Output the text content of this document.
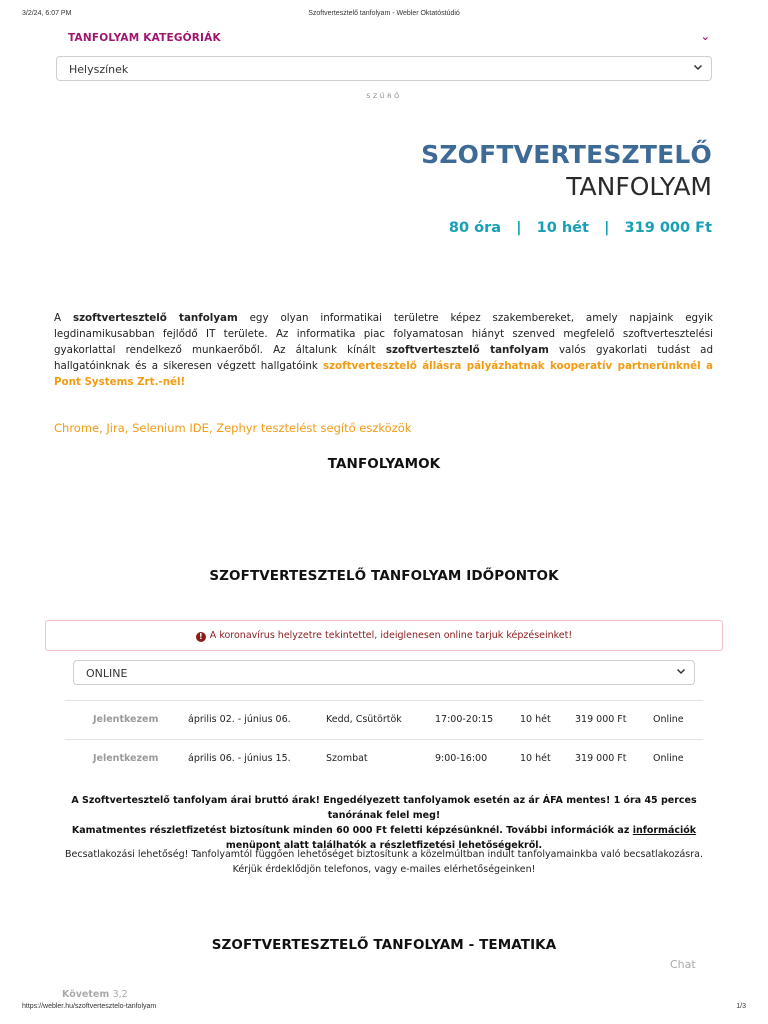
3/2/24, 6:07 PM	Szoftvertesztelő tanfolyam - Webler Oktatóstúdió
TANFOLYAM KATEGÓRIÁK	⌄
Helyszínek
SZŰRŐ
SZOFTVERTESZTELŐ
TANFOLYAM
80 óra   |   10 hét   |   319 000 Ft
A szoftvertesztelő tanfolyam egy olyan informatikai területre képez szakembereket, amely napjaink egyik legdinamikusabban fejlődő IT területe. Az informatika piac folyamatosan hiányt szenved megfelelő szoftvertesztelési gyakorlattal rendelkező munkaerőből. Az általunk kínált szoftvertesztelő tanfolyam valós gyakorlati tudást ad hallgatóinknak és a sikeresen végzett hallgatóink szoftvertesztelő állásra pályázhatnak kooperatív partnerünknél a Pont Systems Zrt.-nél!
Chrome, Jira, Selenium IDE, Zephyr tesztelést segítő eszközök
TANFOLYAMOK
SZOFTVERTESZTELŐ TANFOLYAM IDŐPONTOK
! A koronavírus helyzetre tekintettel, ideiglenesen online tarjuk képzéseinket!
ONLINE
Jelentkezem	április 02. - június 06.	Kedd, Csütörtök	17:00-20:15	10 hét	319 000 Ft	Online
Jelentkezem	április 06. - június 15.	Szombat	9:00-16:00	10 hét	319 000 Ft	Online
A Szoftvertesztelő tanfolyam árai bruttó árak! Engedélyezett tanfolyamok esetén az ár ÁFA mentes! 1 óra 45 perces tanórának felel meg!
Kamatmentes részletfizetést biztosítunk minden 60 000 Ft feletti képzésünknél. További információk az információk menüpont alatt találhatók a részletfizetési lehetőségekről.
Becsatlakozási lehetőség! Tanfolyamtól függően lehetőséget biztosítunk a közelmúltban indult tanfolyamainkba való becsatlakozásra. Kérjük érdeklődjön telefonos, vagy e-mailes elérhetőségeinken!
SZOFTVERTESZTELŐ TANFOLYAM - TEMATIKA
Chat
Követem 3,2
https://webler.hu/szoftvertesztelo-tanfolyam	1/3
